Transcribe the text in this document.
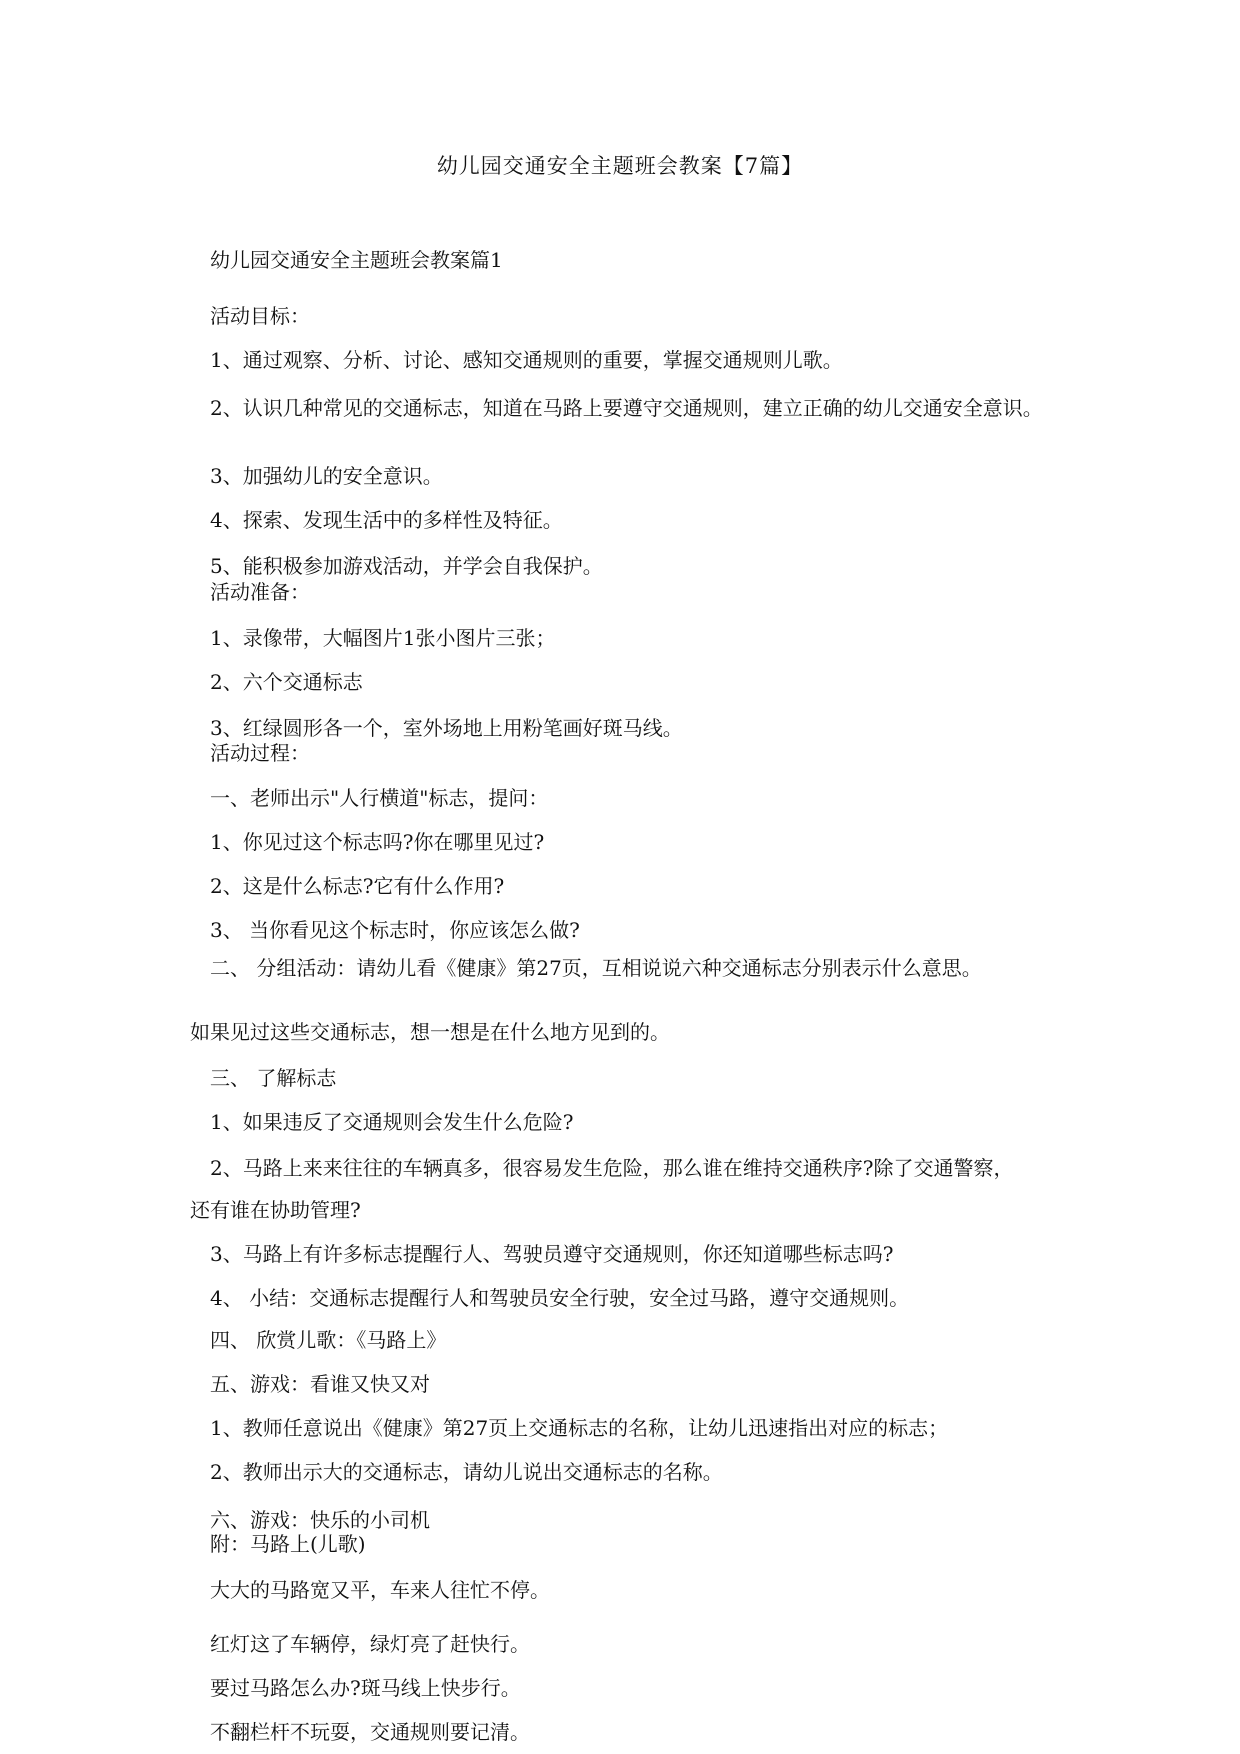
幼儿园交通安全主题班会教案【7篇】
幼儿园交通安全主题班会教案篇1
活动目标：
1、通过观察、分析、讨论、感知交通规则的重要，掌握交通规则儿歌。
2、认识几种常见的交通标志，知道在马路上要遵守交通规则，建立正确的幼儿交通安全意识。
3、加强幼儿的安全意识。
4、探索、发现生活中的多样性及特征。
5、能积极参加游戏活动，并学会自我保护。
活动准备：
1、录像带，大幅图片1张小图片三张；
2、六个交通标志
3、红绿圆形各一个，室外场地上用粉笔画好斑马线。
活动过程：
一、老师出示"人行横道"标志，提问：
1、你见过这个标志吗?你在哪里见过?
2、这是什么标志?它有什么作用?
3、 当你看见这个标志时，你应该怎么做?
二、 分组活动：请幼儿看《健康》第27页，互相说说六种交通标志分别表示什么意思。
如果见过这些交通标志，想一想是在什么地方见到的。
三、 了解标志
1、如果违反了交通规则会发生什么危险?
2、马路上来来往往的车辆真多，很容易发生危险，那么谁在维持交通秩序?除了交通警察，
还有谁在协助管理?
3、马路上有许多标志提醒行人、驾驶员遵守交通规则，你还知道哪些标志吗?
4、 小结：交通标志提醒行人和驾驶员安全行驶，安全过马路，遵守交通规则。
四、 欣赏儿歌：《马路上》
五、游戏：看谁又快又对
1、教师任意说出《健康》第27页上交通标志的名称，让幼儿迅速指出对应的标志；
2、教师出示大的交通标志，请幼儿说出交通标志的名称。
六、游戏：快乐的小司机
附：马路上(儿歌)
大大的马路宽又平，车来人往忙不停。
红灯这了车辆停，绿灯亮了赶快行。
要过马路怎么办?斑马线上快步行。
不翻栏杆不玩耍，交通规则要记清。
